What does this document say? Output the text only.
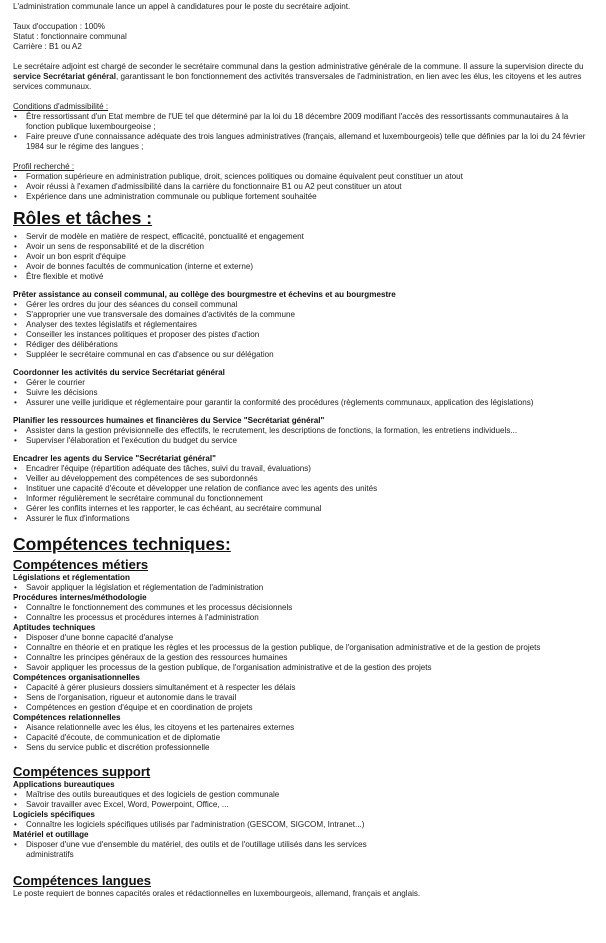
L'administration communale lance un appel à candidatures pour le poste du secrétaire adjoint.

Taux d'occupation : 100%

Statut : fonctionnaire communal

Carrière : B1 ou A2

Le secrétaire adjoint est chargé de seconder le secrétaire communal dans la gestion administrative générale de la commune. Il assure la supervision directe du service Secrétariat général, garantissant le bon fonctionnement des activités transversales de l'administration, en lien avec les élus, les citoyens et les autres services communaux.

Conditions d'admissibilité :

• Être ressortissant d'un Etat membre de l'UE tel que déterminé par la loi du 18 décembre 2009 modifiant l'accès des ressortissants communautaires à la fonction publique luxembourgeoise ;
• Faire preuve d'une connaissance adéquate des trois langues administratives (français, allemand et luxembourgeois) telle que définies par la loi du 24 février 1984 sur le régime des langues ;

Profil recherché :

• Formation supérieure en administration publique, droit, sciences politiques ou domaine équivalent peut constituer un atout
• Avoir réussi à l'examen d'admissibilité dans la carrière du fonctionnaire B1 ou A2 peut constituer un atout
• Expérience dans une administration communale ou publique fortement souhaitée
Rôles et tâches :
• Servir de modèle en matière de respect, efficacité, ponctualité et engagement
• Avoir un sens de responsabilité et de la discrétion
• Avoir un bon esprit d'équipe
• Avoir de bonnes facultés de communication (interne et externe)
• Être flexible et motivé

Prêter assistance au conseil communal, au collège des bourgmestre et échevins et au bourgmestre

• Gérer les ordres du jour des séances du conseil communal
• S'approprier une vue transversale des domaines d'activités de la commune
• Analyser des textes législatifs et réglementaires
• Conseiller les instances politiques et proposer des pistes d'action
• Rédiger des délibérations
• Suppléer le secrétaire communal en cas d'absence ou sur délégation

Coordonner les activités du service Secrétariat général

• Gérer le courrier
• Suivre les décisions
• Assurer une veille juridique et réglementaire pour garantir la conformité des procédures (règlements communaux, application des législations)

Planifier les ressources humaines et financières du Service "Secrétariat général"

• Assister dans la gestion prévisionnelle des effectifs, le recrutement, les descriptions de fonctions, la formation, les entretiens individuels...
• Superviser l'élaboration et l'exécution du budget du service

Encadrer les agents du Service "Secrétariat général"

• Encadrer l'équipe (répartition adéquate des tâches, suivi du travail, évaluations)
• Veiller au développement des compétences de ses subordonnés
• Instituer une capacité d'écoute et développer une relation de confiance avec les agents des unités
• Informer régulièrement le secrétaire communal du fonctionnement
• Gérer les conflits internes et les rapporter, le cas échéant, au secrétaire communal
• Assurer le flux d'informations
Compétences techniques:
Compétences métiers

Législations et réglementation

• Savoir appliquer la législation et réglementation de l'administration

Procédures internes/méthodologie

• Connaître le fonctionnement des communes et les processus décisionnels
• Connaître les processus et procédures internes à l'administration

Aptitudes techniques

• Disposer d'une bonne capacité d'analyse
• Connaître en théorie et en pratique les règles et les processus de la gestion publique, de l'organisation administrative et de la gestion de projets
• Connaître les principes généraux de la gestion des ressources humaines
• Savoir appliquer les processus de la gestion publique, de l'organisation administrative et de la gestion des projets

Compétences organisationnelles

• Capacité à gérer plusieurs dossiers simultanément et à respecter les délais
• Sens de l'organisation, rigueur et autonomie dans le travail
• Compétences en gestion d'équipe et en coordination de projets

Compétences relationnelles

• Aisance relationnelle avec les élus, les citoyens et les partenaires externes
• Capacité d'écoute, de communication et de diplomatie
• Sens du service public et discrétion professionnelle
Compétences support

Applications bureautiques

• Maîtrise des outils bureautiques et des logiciels de gestion communale
• Savoir travailler avec Excel, Word, Powerpoint, Office, ...

Logiciels spécifiques

• Connaître les logiciels spécifiques utilisés par l'administration (GESCOM, SIGCOM, Intranet...)

Matériel et outillage

• Disposer d'une vue d'ensemble du matériel, des outils et de l'outillage utilisés dans les services administratifs
Compétences langues

Le poste requiert de bonnes capacités orales et rédactionnelles en luxembourgeois, allemand, français et anglais.
